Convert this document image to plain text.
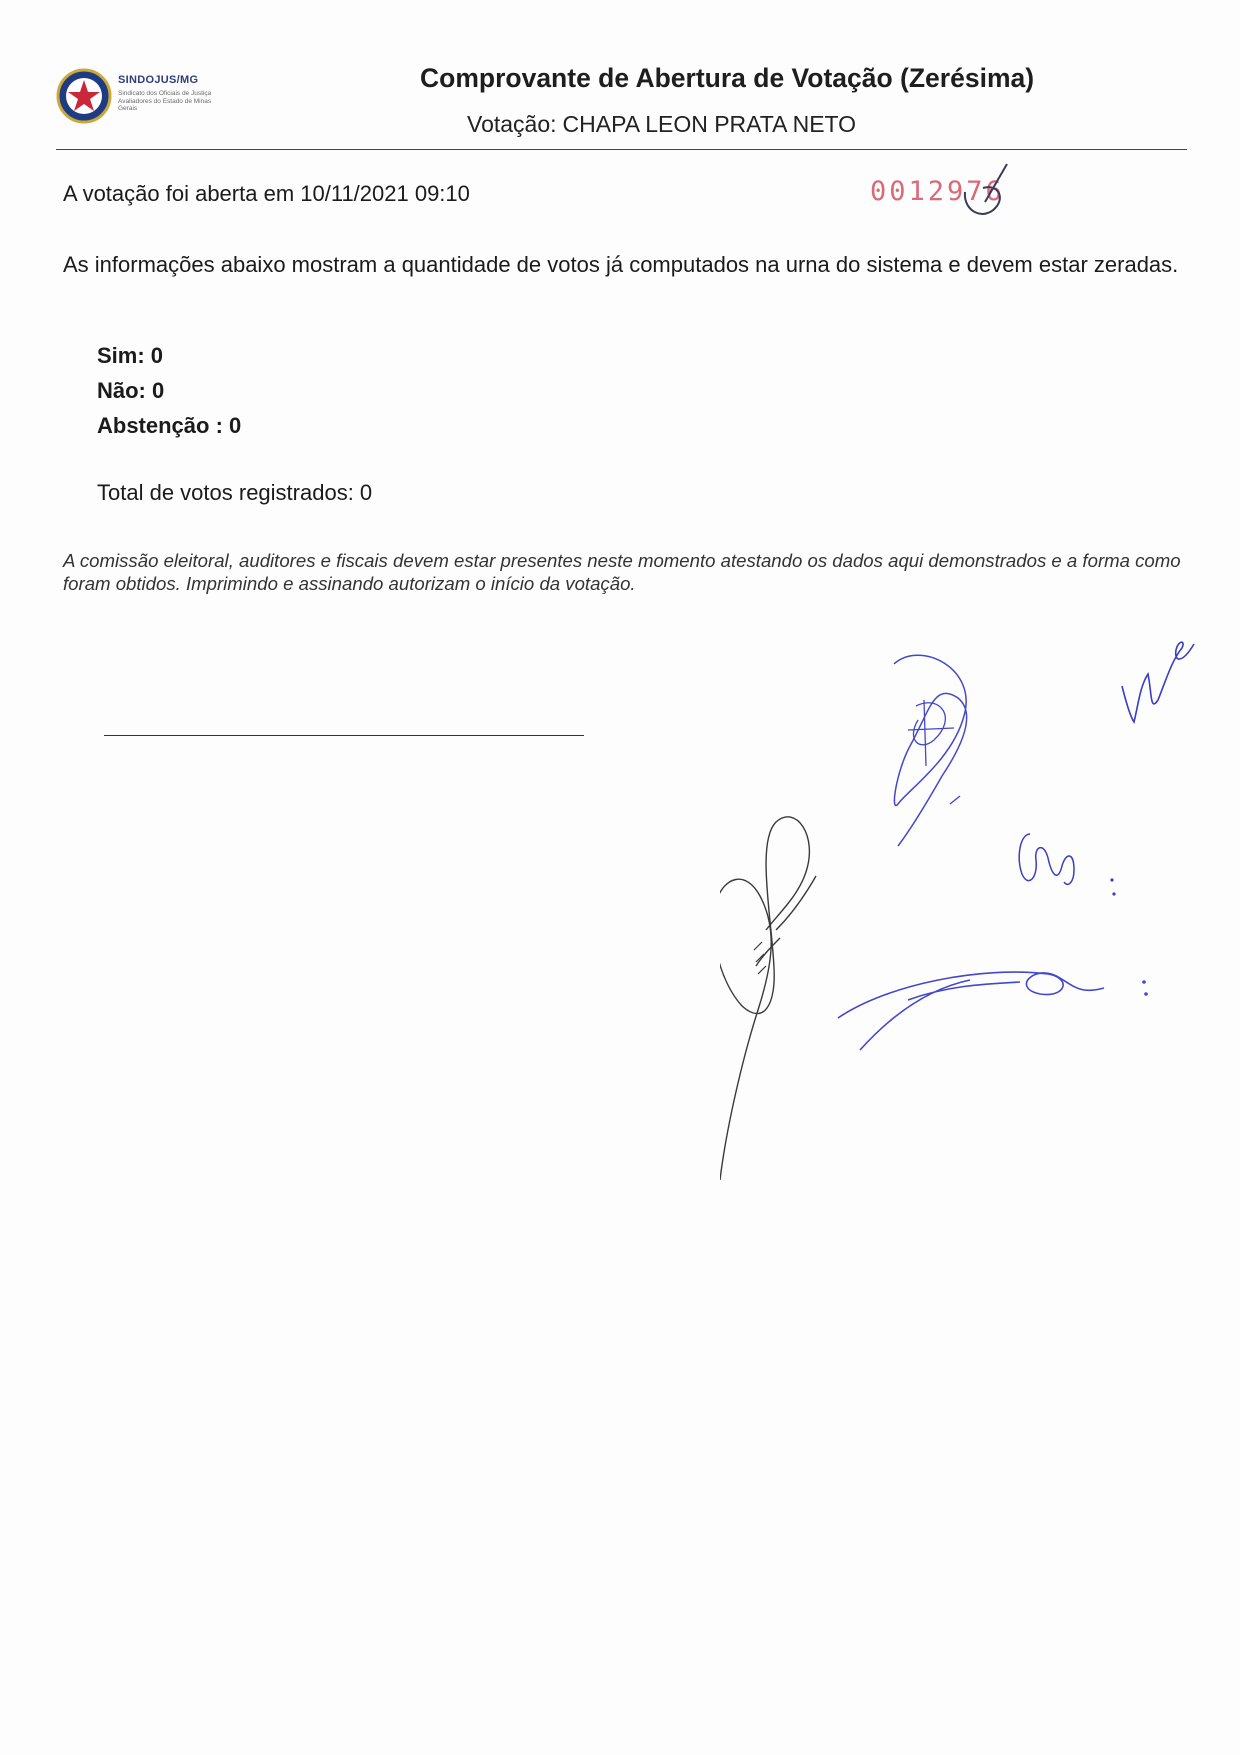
SINDOJUS/MG
Sindicato dos Oficiais de Justiça Avaliadores do Estado de Minas Gerais
Comprovante de Abertura de Votação (Zerésima)
Votação: CHAPA LEON PRATA NETO
A votação foi aberta em 10/11/2021 09:10	0012976
As informações abaixo mostram a quantidade de votos já computados na urna do sistema e devem estar zeradas.
Sim: 0
Não: 0
Abstenção : 0
Total de votos registrados: 0
A comissão eleitoral, auditores e fiscais devem estar presentes neste momento atestando os dados aqui demonstrados e a forma como foram obtidos. Imprimindo e assinando autorizam o início da votação.
